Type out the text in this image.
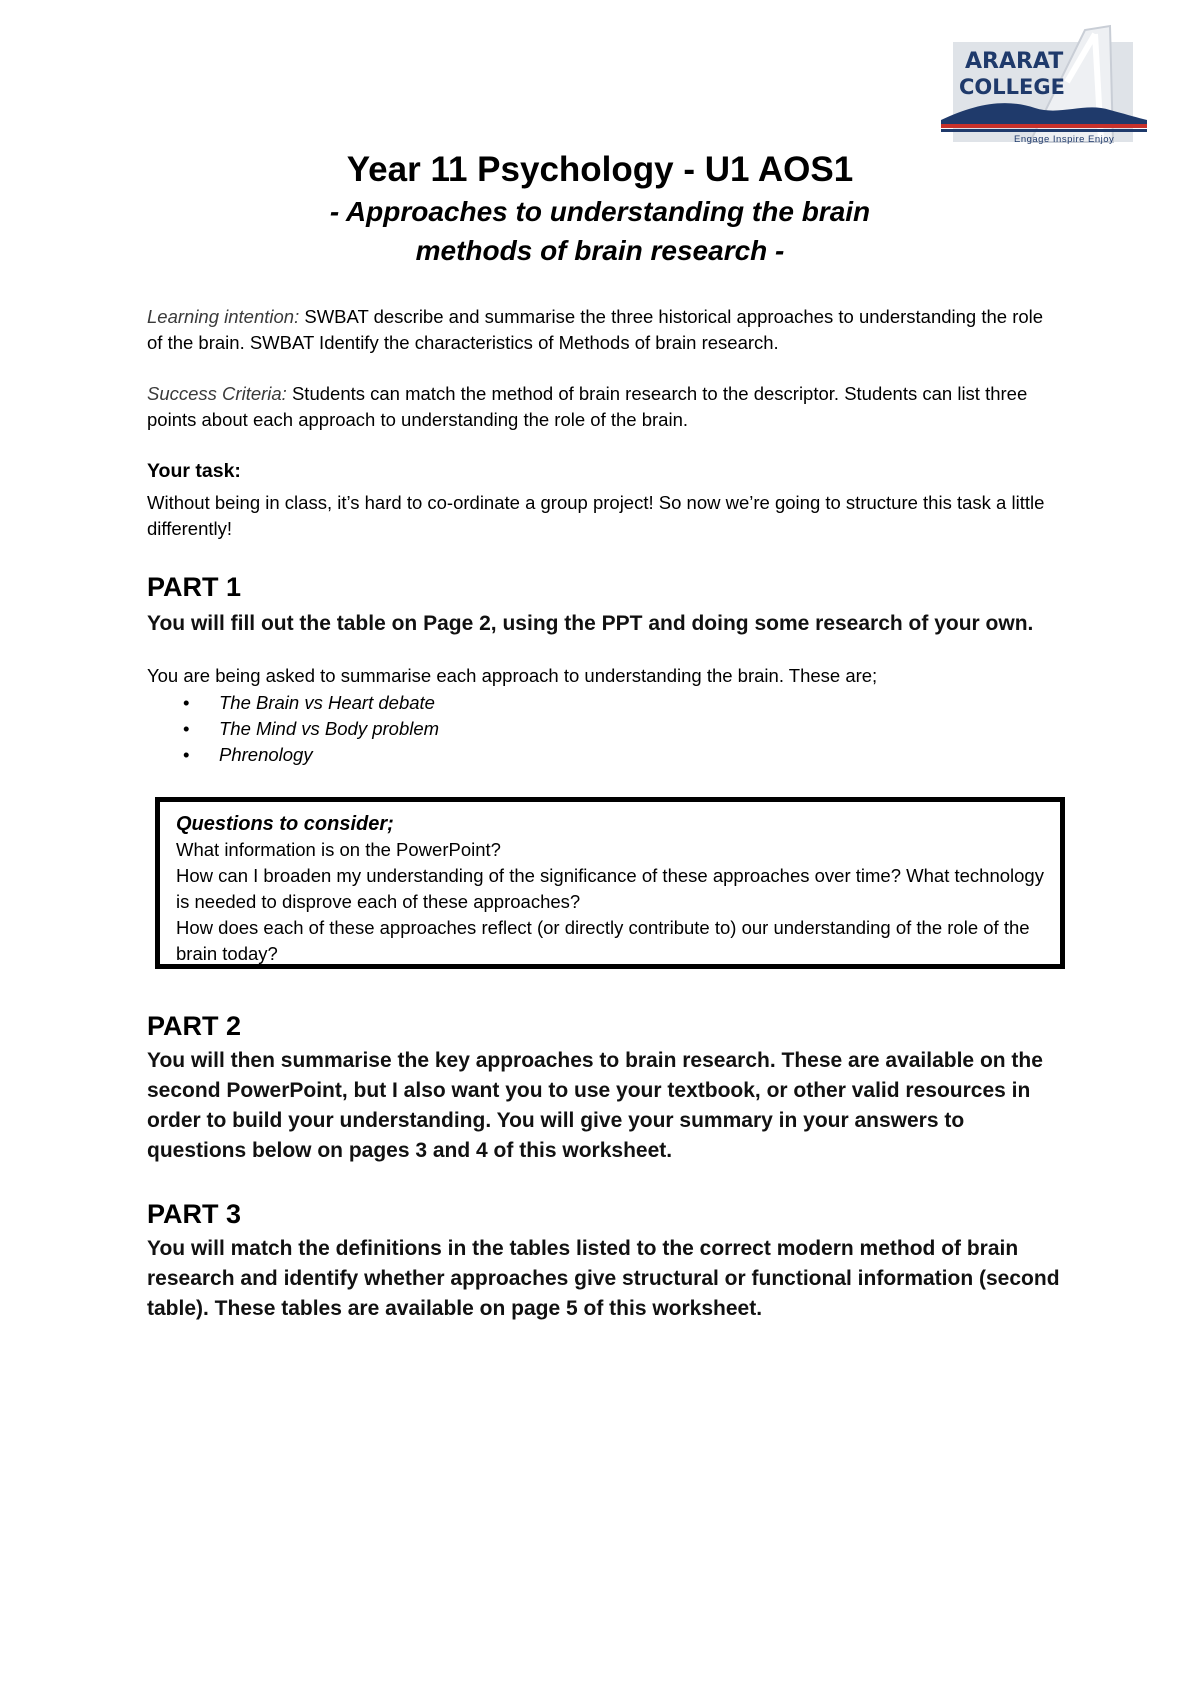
ARARAT
COLLEGE
Engage Inspire Enjoy
Year 11 Psychology - U1 AOS1
- Approaches to understanding the brain
methods of brain research -
Learning intention: SWBAT describe and summarise the three historical approaches to understanding the role of the brain. SWBAT Identify the characteristics of Methods of brain research.
Success Criteria: Students can match the method of brain research to the descriptor. Students can list three points about each approach to understanding the role of the brain.
Your task:
Without being in class, it’s hard to co-ordinate a group project! So now we’re going to structure this task a little differently!
PART 1
You will fill out the table on Page 2, using the PPT and doing some research of your own.
You are being asked to summarise each approach to understanding the brain. These are;
• The Brain vs Heart debate
• The Mind vs Body problem
• Phrenology
Questions to consider;
What information is on the PowerPoint?
How can I broaden my understanding of the significance of these approaches over time? What technology is needed to disprove each of these approaches?
How does each of these approaches reflect (or directly contribute to) our understanding of the role of the brain today?
PART 2
You will then summarise the key approaches to brain research. These are available on the second PowerPoint, but I also want you to use your textbook, or other valid resources in order to build your understanding. You will give your summary in your answers to questions below on pages 3 and 4 of this worksheet.
PART 3
You will match the definitions in the tables listed to the correct modern method of brain research and identify whether approaches give structural or functional information (second table). These tables are available on page 5 of this worksheet.
